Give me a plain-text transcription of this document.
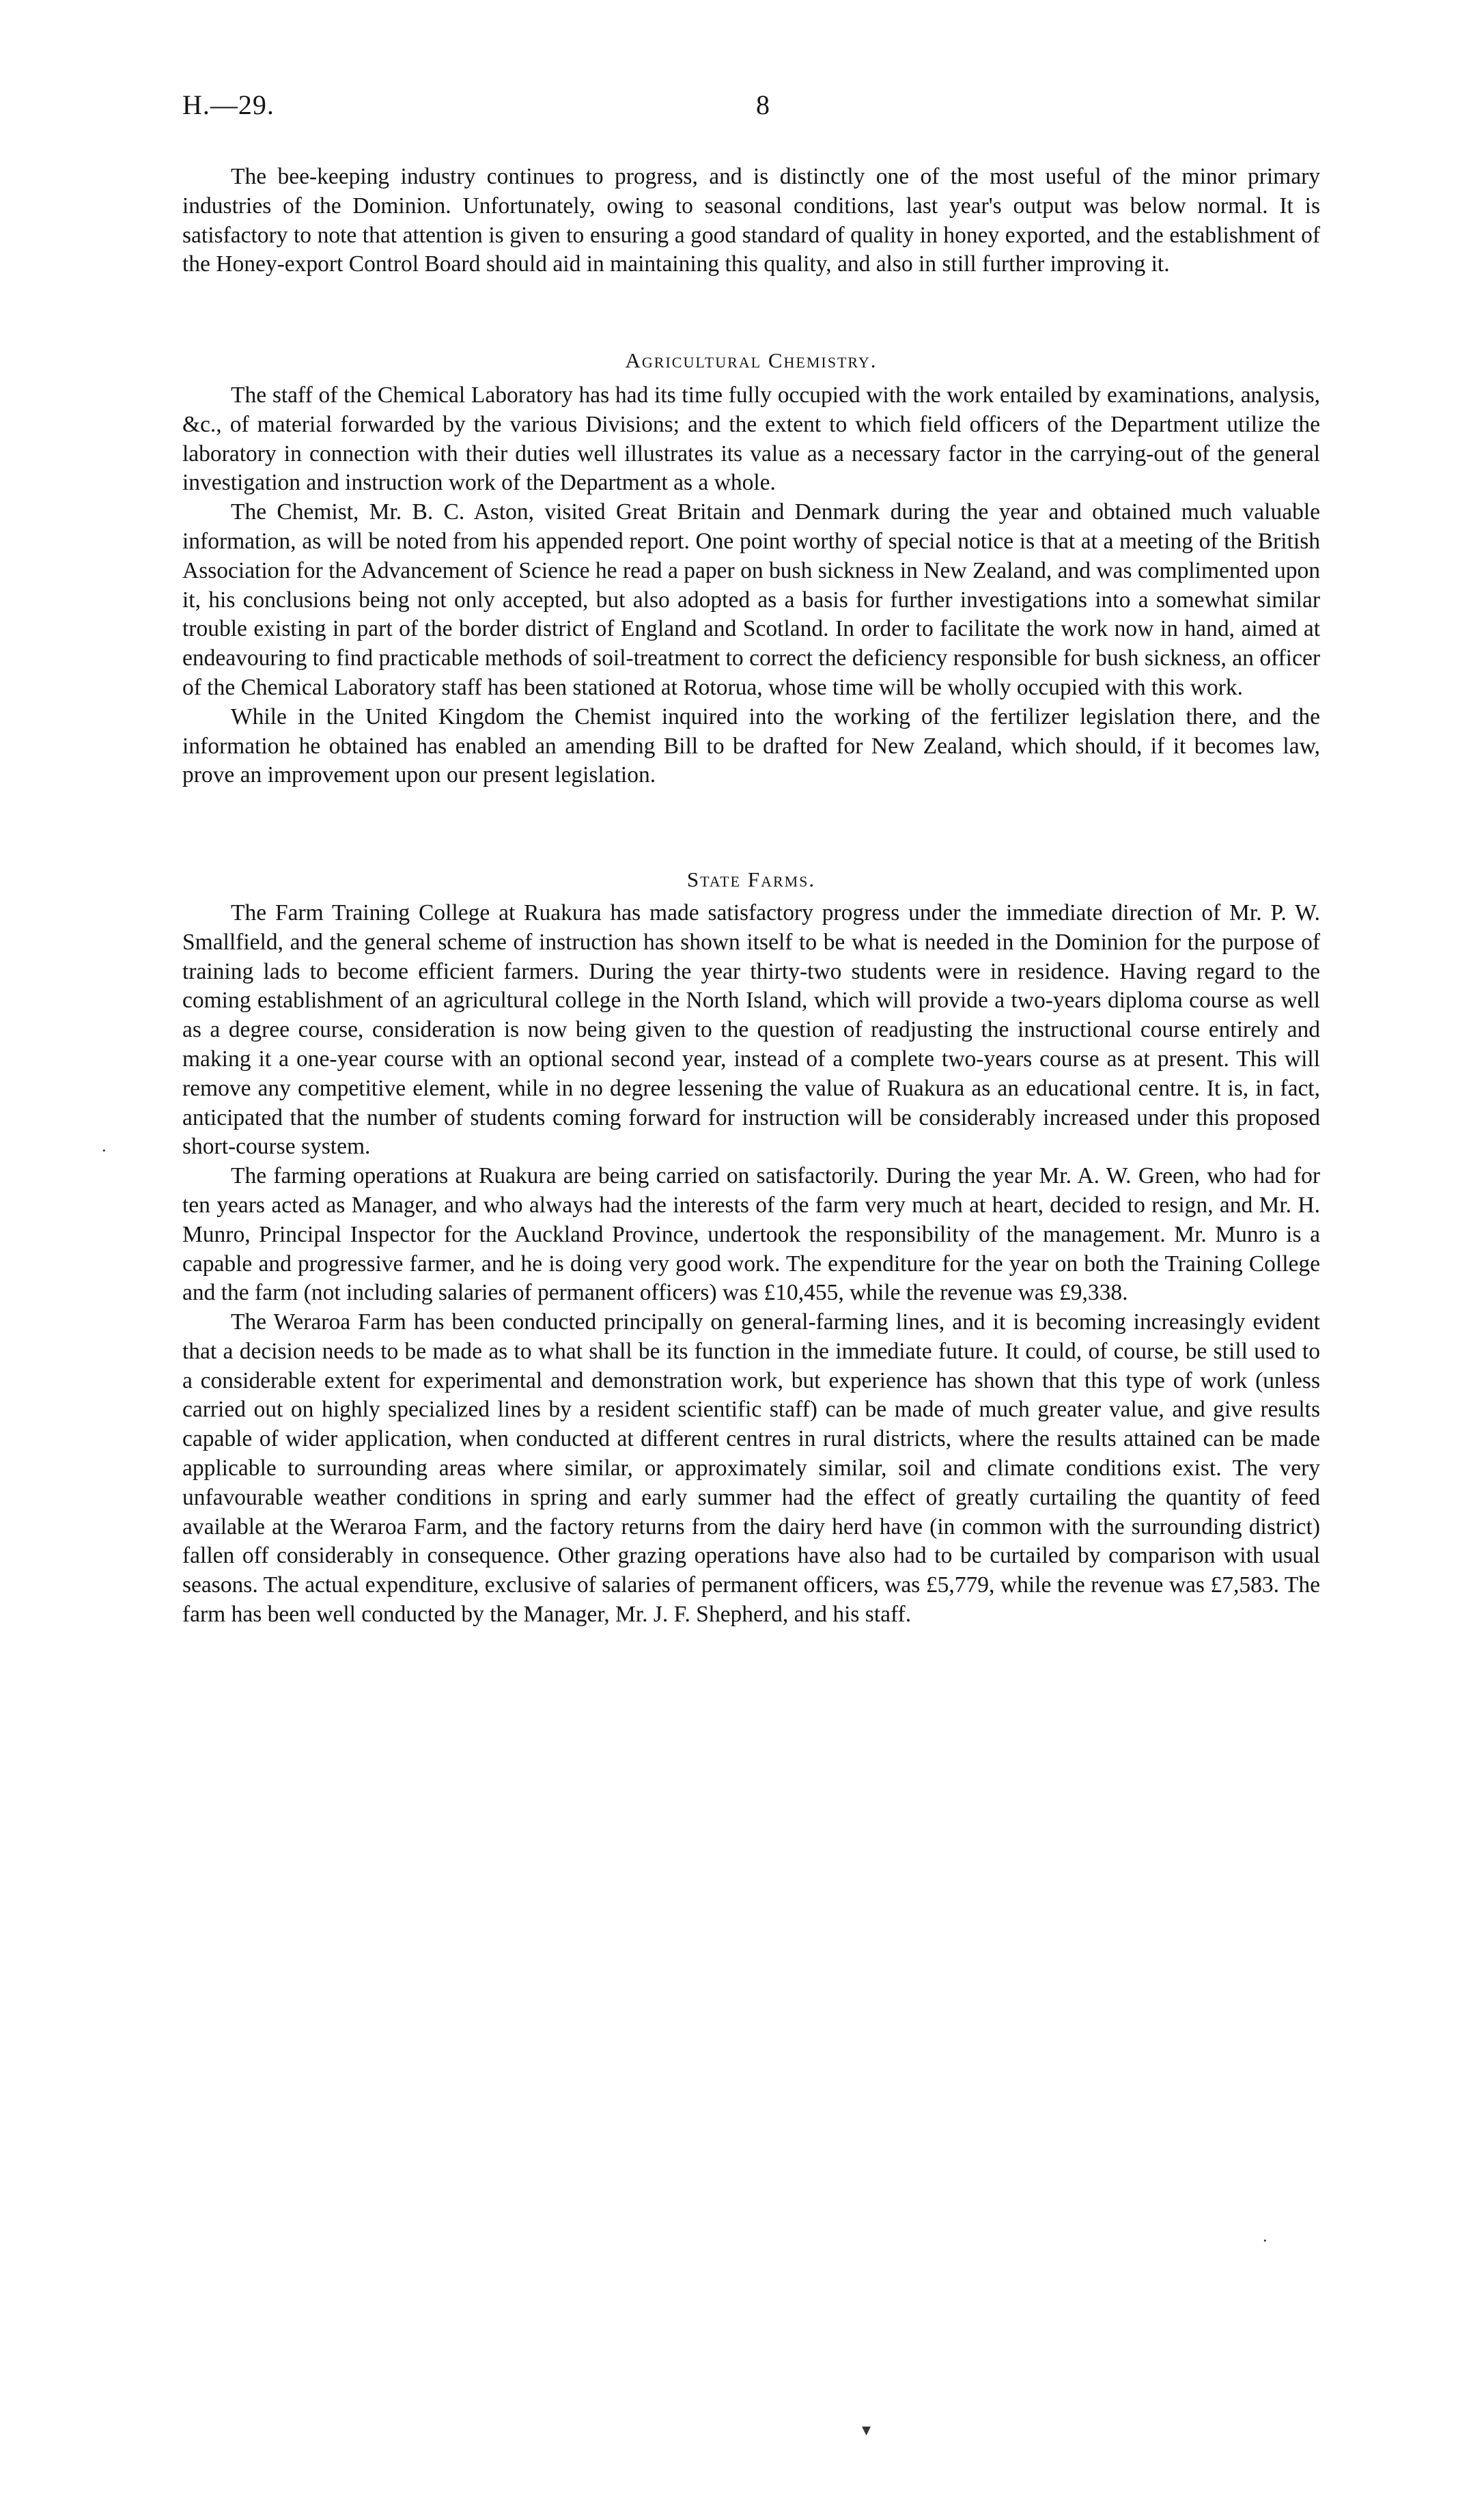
H.—29.	8

The bee-keeping industry continues to progress, and is distinctly one of the most useful of the minor primary industries of the Dominion. Unfortunately, owing to seasonal conditions, last year's output was below normal. It is satisfactory to note that attention is given to ensuring a good standard of quality in honey exported, and the establishment of the Honey-export Control Board should aid in maintaining this quality, and also in still further improving it.

Agricultural Chemistry.

The staff of the Chemical Laboratory has had its time fully occupied with the work entailed by examinations, analysis, &c., of material forwarded by the various Divisions; and the extent to which field officers of the Department utilize the laboratory in connection with their duties well illustrates its value as a necessary factor in the carrying-out of the general investigation and instruction work of the Department as a whole.

The Chemist, Mr. B. C. Aston, visited Great Britain and Denmark during the year and obtained much valuable information, as will be noted from his appended report. One point worthy of special notice is that at a meeting of the British Association for the Advancement of Science he read a paper on bush sickness in New Zealand, and was complimented upon it, his conclusions being not only accepted, but also adopted as a basis for further investigations into a somewhat similar trouble existing in part of the border district of England and Scotland. In order to facilitate the work now in hand, aimed at endeavouring to find practicable methods of soil-treatment to correct the deficiency responsible for bush sickness, an officer of the Chemical Laboratory staff has been stationed at Rotorua, whose time will be wholly occupied with this work.

While in the United Kingdom the Chemist inquired into the working of the fertilizer legislation there, and the information he obtained has enabled an amending Bill to be drafted for New Zealand, which should, if it becomes law, prove an improvement upon our present legislation.

State Farms.

The Farm Training College at Ruakura has made satisfactory progress under the immediate direction of Mr. P. W. Smallfield, and the general scheme of instruction has shown itself to be what is needed in the Dominion for the purpose of training lads to become efficient farmers. During the year thirty-two students were in residence. Having regard to the coming establishment of an agricultural college in the North Island, which will provide a two-years diploma course as well as a degree course, consideration is now being given to the question of readjusting the instructional course entirely and making it a one-year course with an optional second year, instead of a complete two-years course as at present. This will remove any competitive element, while in no degree lessening the value of Ruakura as an educational centre. It is, in fact, anticipated that the number of students coming forward for instruction will be considerably increased under this proposed short-course system.

The farming operations at Ruakura are being carried on satisfactorily. During the year Mr. A. W. Green, who had for ten years acted as Manager, and who always had the interests of the farm very much at heart, decided to resign, and Mr. H. Munro, Principal Inspector for the Auckland Province, undertook the responsibility of the management. Mr. Munro is a capable and progressive farmer, and he is doing very good work. The expenditure for the year on both the Training College and the farm (not including salaries of permanent officers) was £10,455, while the revenue was £9,338.

The Weraroa Farm has been conducted principally on general-farming lines, and it is becoming increasingly evident that a decision needs to be made as to what shall be its function in the immediate future. It could, of course, be still used to a considerable extent for experimental and demonstration work, but experience has shown that this type of work (unless carried out on highly specialized lines by a resident scientific staff) can be made of much greater value, and give results capable of wider application, when conducted at different centres in rural districts, where the results attained can be made applicable to surrounding areas where similar, or approximately similar, soil and climate conditions exist. The very unfavourable weather conditions in spring and early summer had the effect of greatly curtailing the quantity of feed available at the Weraroa Farm, and the factory returns from the dairy herd have (in common with the surrounding district) fallen off considerably in consequence. Other grazing operations have also had to be curtailed by comparison with usual seasons. The actual expenditure, exclusive of salaries of permanent officers, was £5,779, while the revenue was £7,583. The farm has been well conducted by the Manager, Mr. J. F. Shepherd, and his staff.

·
·
▾
